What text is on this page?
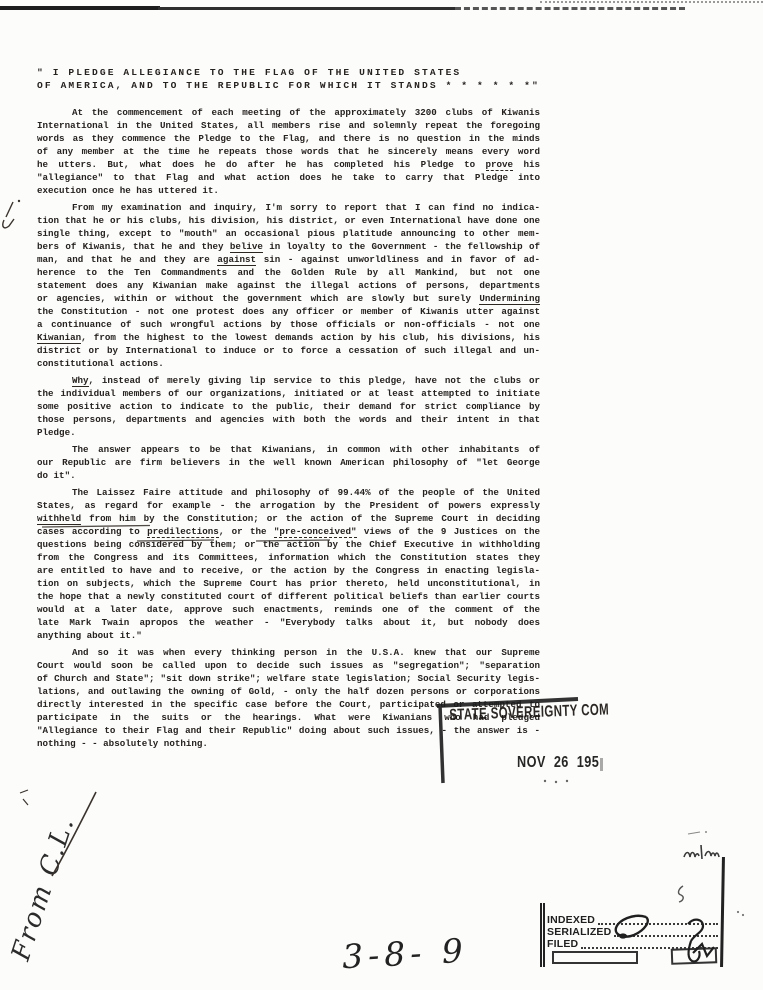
" I PLEDGE ALLEGIANCE TO THE FLAG OF THE UNITED STATES
OF AMERICA, AND TO THE REPUBLIC FOR WHICH IT STANDS * * * * * *"
At the commencement of each meeting of the approximately 3200 clubs of Kiwanis
International in the United States, all members rise and solemnly repeat the foregoing
words as they commence the Pledge to the Flag, and there is no question in the minds
of any member at the time he repeats those words that he sincerely means every word
he utters. But, what does he do after he has completed his Pledge to prove his
"allegiance" to that Flag and what action does he take to carry that Pledge into
execution once he has uttered it.
From my examination and inquiry, I'm sorry to report that I can find no indica-
tion that he or his clubs, his division, his district, or even International have done one
single thing, except to "mouth" an occasional pious platitude announcing to other mem-
bers of Kiwanis, that he and they belive in loyalty to the Government - the fellowship of
man, and that he and they are against sin - against unworldliness and in favor of ad-
herence to the Ten Commandments and the Golden Rule by all Mankind, but not one
statement does any Kiwanian make against the illegal actions of persons, departments
or agencies, within or without the government which are slowly but surely Undermining
the Constitution - not one protest does any officer or member of Kiwanis utter against
a continuance of such wrongful actions by those officials or non-officials - not one
Kiwanian, from the highest to the lowest demands action by his club, his divisions, his
district or by International to induce or to force a cessation of such illegal and un-
constitutional actions.
Why, instead of merely giving lip service to this pledge, have not the clubs or
the individual members of our organizations, initiated or at least attempted to initiate
some positive action to indicate to the public, their demand for strict compliance by
those persons, departments and agencies with both the words and their intent in that
Pledge.
The answer appears to be that Kiwanians, in common with other inhabitants of
our Republic are firm believers in the well known American philosophy of "let George
do it".
The Laissez Faire attitude and philosophy of 99.44% of the people of the United
States, as regard for example - the arrogation by the President of powers expressly
withheld from him by the Constitution; or the action of the Supreme Court in deciding
cases according to predilections, or the "pre-conceived" views of the 9 Justices on the
questions being considered by them; or the action by the Chief Executive in withholding
from the Congress and its Committees, information which the Constitution states they
are entitled to have and to receive, or the action by the Congress in enacting legisla-
tion on subjects, which the Supreme Court has prior thereto, held unconstitutional, in
the hope that a newly constituted court of different political beliefs than earlier courts
would at a later date, approve such enactments, reminds one of the comment of the
late Mark Twain apropos the weather - "Everybody talks about it, but nobody does
anything about it."
And so it was when every thinking person in the U.S.A. knew that our Supreme
Court would soon be called upon to decide such issues as "segregation"; "separation
of Church and State"; "sit down strike"; welfare state legislation; Social Security legis-
lations, and outlawing the owning of Gold, - only the half dozen persons or corporations
directly interested in the specific case before the Court, participated or attempted to
participate in the suits or the hearings. What were Kiwanians who had pledged
"Allegiance to their Flag and their Republic" doing about such issues, - the answer is -
nothing - - absolutely nothing.
STATE SOVEREIGNTY COM
NOV 26 195
INDEXED
SERIALIZED
FILED
From C.L.	3-8- 9
